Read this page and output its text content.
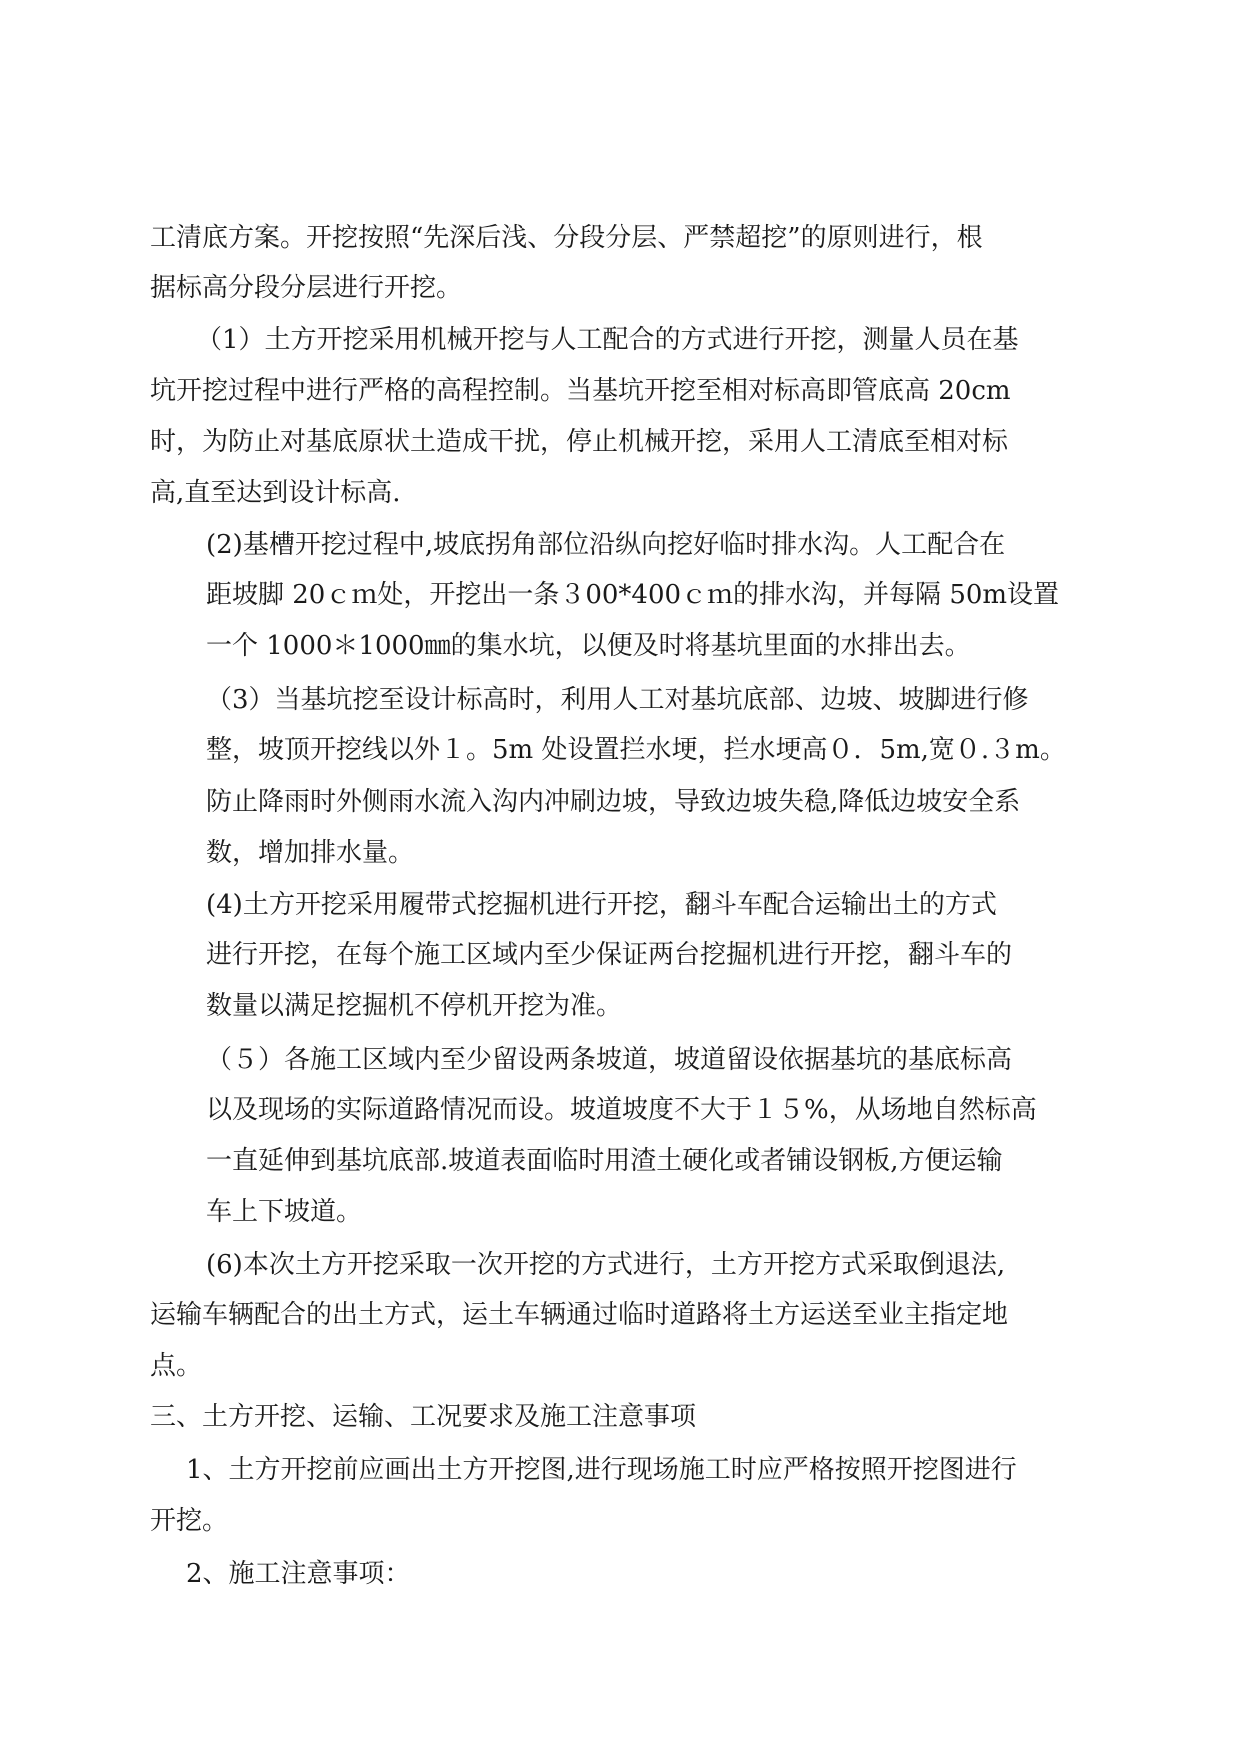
工清底方案。开挖按照“先深后浅、分段分层、严禁超挖”的原则进行，根
据标高分段分层进行开挖。
（1）土方开挖采用机械开挖与人工配合的方式进行开挖，测量人员在基
坑开挖过程中进行严格的高程控制。当基坑开挖至相对标高即管底高 20cm
时，为防止对基底原状土造成干扰，停止机械开挖，采用人工清底至相对标
高,直至达到设计标高.
(2)基槽开挖过程中,坡底拐角部位沿纵向挖好临时排水沟。人工配合在
距坡脚 20ｃｍ处，开挖出一条３00*400ｃｍ的排水沟，并每隔 50m设置
一个 1000＊1000㎜的集水坑，以便及时将基坑里面的水排出去。
（3）当基坑挖至设计标高时，利用人工对基坑底部、边坡、坡脚进行修
整，坡顶开挖线以外１。5m 处设置拦水埂，拦水埂高０．5m,宽０.３m。
防止降雨时外侧雨水流入沟内冲刷边坡，导致边坡失稳,降低边坡安全系
数，增加排水量。
(4)土方开挖采用履带式挖掘机进行开挖，翻斗车配合运输出土的方式
进行开挖，在每个施工区域内至少保证两台挖掘机进行开挖，翻斗车的
数量以满足挖掘机不停机开挖为准。
（５）各施工区域内至少留设两条坡道，坡道留设依据基坑的基底标高
以及现场的实际道路情况而设。坡道坡度不大于１５%，从场地自然标高
一直延伸到基坑底部.坡道表面临时用渣土硬化或者铺设钢板,方便运输
车上下坡道。
(6)本次土方开挖采取一次开挖的方式进行，土方开挖方式采取倒退法,
运输车辆配合的出土方式，运土车辆通过临时道路将土方运送至业主指定地
点。
三、土方开挖、运输、工况要求及施工注意事项
1、土方开挖前应画出土方开挖图,进行现场施工时应严格按照开挖图进行
开挖。
2、施工注意事项：
